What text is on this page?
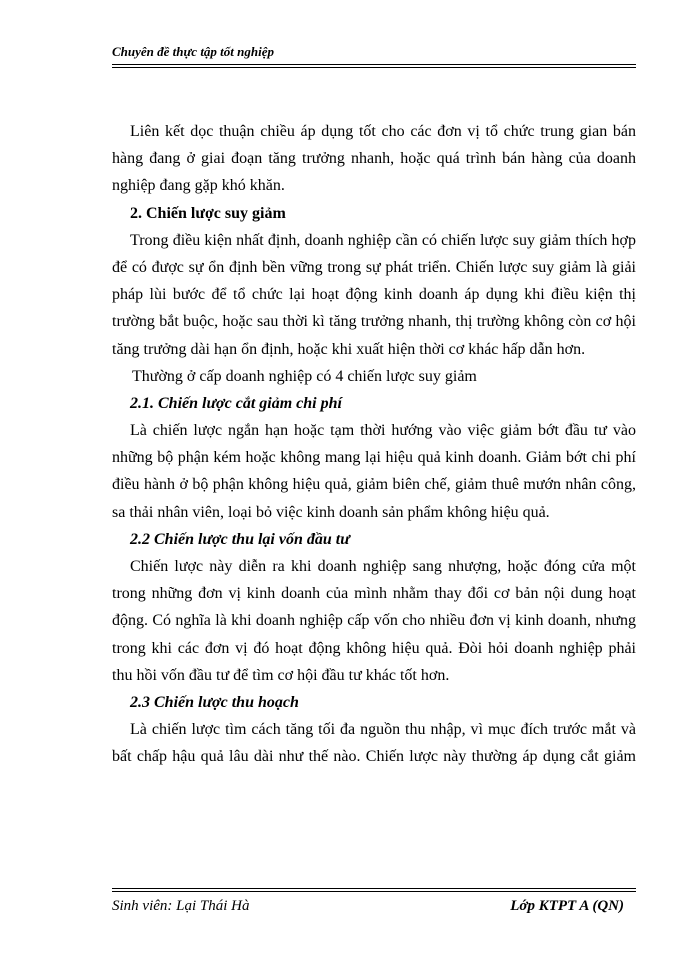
Chuyên đề thực tập tốt nghiệp
Liên kết dọc thuận chiều áp dụng tốt cho các đơn vị tổ chức trung gian bán
hàng đang ở giai đoạn tăng trưởng nhanh, hoặc quá trình bán hàng của doanh
nghiệp đang gặp khó khăn.
2. Chiến lược suy giảm
Trong điều kiện nhất định, doanh nghiệp cần có chiến lược suy giảm thích hợp
để có được sự ổn định bền vững trong sự phát triển. Chiến lược suy giảm là giải
pháp lùi bước để tổ chức lại hoạt động kinh doanh áp dụng khi điều kiện thị
trường bắt buộc, hoặc sau thời kì tăng trưởng nhanh, thị trường không còn cơ hội
tăng trưởng dài hạn ổn định, hoặc khi xuất hiện thời cơ khác hấp dẫn hơn.
Thường ở cấp doanh nghiệp có 4 chiến lược suy giảm
2.1. Chiến lược cắt giảm chi phí
Là chiến lược ngắn hạn hoặc tạm thời hướng vào việc giảm bớt đầu tư vào
những bộ phận kém hoặc không mang lại hiệu quả kinh doanh. Giảm bớt chi phí
điều hành ở bộ phận không hiệu quả, giảm biên chế, giảm thuê mướn nhân công,
sa thải nhân viên, loại bỏ việc kinh doanh sản phẩm không hiệu quả.
2.2 Chiến lược thu lại vốn đầu tư
Chiến lược này diễn ra khi doanh nghiệp sang nhượng, hoặc đóng cửa một
trong những đơn vị kinh doanh của mình nhằm thay đổi cơ bản nội dung hoạt
động. Có nghĩa là khi doanh nghiệp cấp vốn cho nhiều đơn vị kinh doanh, nhưng
trong khi các đơn vị đó hoạt động không hiệu quả. Đòi hỏi doanh nghiệp phải
thu hồi vốn đầu tư để tìm cơ hội đầu tư khác tốt hơn.
2.3 Chiến lược thu hoạch
Là chiến lược tìm cách tăng tối đa nguồn thu nhập, vì mục đích trước mắt và
bất chấp hậu quả lâu dài như thế nào. Chiến lược này thường áp dụng cắt giảm
Sinh viên: Lại Thái Hà	Lớp KTPT A (QN)
